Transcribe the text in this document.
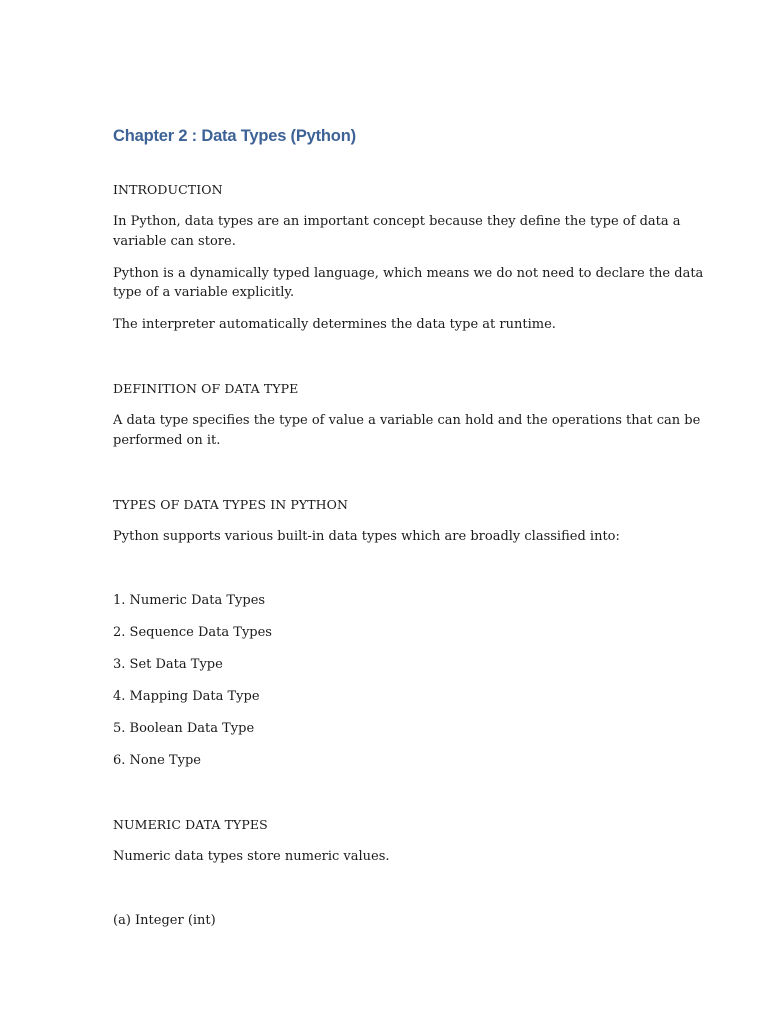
Chapter 2 : Data Types (Python)

INTRODUCTION

In Python, data types are an important concept because they define the type of data a

variable can store.

Python is a dynamically typed language, which means we do not need to declare the data

type of a variable explicitly.

The interpreter automatically determines the data type at runtime.

DEFINITION OF DATA TYPE

A data type specifies the type of value a variable can hold and the operations that can be

performed on it.

TYPES OF DATA TYPES IN PYTHON

Python supports various built-in data types which are broadly classified into:

1. Numeric Data Types

2. Sequence Data Types

3. Set Data Type

4. Mapping Data Type

5. Boolean Data Type

6. None Type

NUMERIC DATA TYPES

Numeric data types store numeric values.

(a) Integer (int)
